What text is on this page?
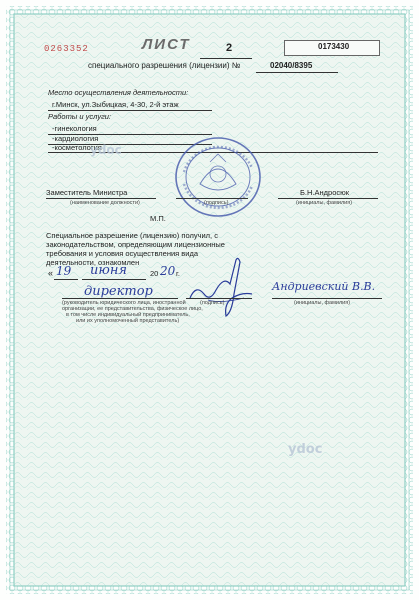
0263352	ЛИСТ	2	0173430
специального разрешения (лицензии) №	02040/8395
Место осуществления деятельности:
г.Минск, ул.Зыбицкая, 4-30, 2-й этаж
Работы и услуги:
-гинекология
-кардиология
-косметология
ydoc
Заместитель Министра
(наименование должности)	(подпись)
Б.Н.Андросюк
(инициалы, фамилия)
М.П.
Специальное разрешение (лицензию) получил, с
законодательством, определяющим лицензионные
требования и условия осуществления вида
деятельности, ознакомлен
« 19 июня	20 20 г.
директор
(руководитель юридического лица, иностранной
организации, ее представительства, физическое лицо,
в том числе индивидуальный предприниматель,
или их уполномоченный представитель)
(подпись)
Андриевский В.В.
(инициалы, фамилия)
ydoc
